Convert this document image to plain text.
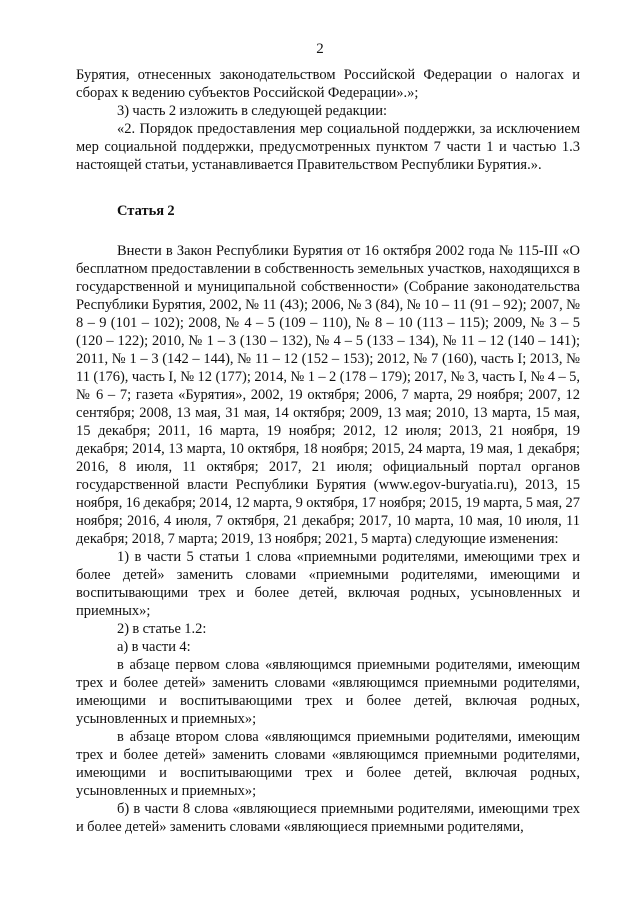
2

Бурятия, отнесенных законодательством Российской Федерации о налогах и сборах к ведению субъектов Российской Федерации».»;

3) часть 2 изложить в следующей редакции:

«2. Порядок предоставления мер социальной поддержки, за исключением мер социальной поддержки, предусмотренных пунктом 7 части 1 и частью 1.3 настоящей статьи, устанавливается Правительством Республики Бурятия.».

Статья 2

Внести в Закон Республики Бурятия от 16 октября 2002 года № 115-III «О бесплатном предоставлении в собственность земельных участков, находящихся в государственной и муниципальной собственности» (Собрание законодательства Республики Бурятия, 2002, № 11 (43); 2006, № 3 (84), № 10 – 11 (91 – 92); 2007, № 8 – 9 (101 – 102); 2008, № 4 – 5 (109 – 110), № 8 – 10 (113 – 115); 2009, № 3 – 5 (120 – 122); 2010, № 1 – 3 (130 – 132), № 4 – 5 (133 – 134), № 11 – 12 (140 – 141); 2011, № 1 – 3 (142 – 144), № 11 – 12 (152 – 153); 2012, № 7 (160), часть I; 2013, № 11 (176), часть I, № 12 (177); 2014, № 1 – 2 (178 – 179); 2017, № 3, часть I, № 4 – 5, № 6 – 7; газета «Бурятия», 2002, 19 октября; 2006, 7 марта, 29 ноября; 2007, 12 сентября; 2008, 13 мая, 31 мая, 14 октября; 2009, 13 мая; 2010, 13 марта, 15 мая, 15 декабря; 2011, 16 марта, 19 ноября; 2012, 12 июля; 2013, 21 ноября, 19 декабря; 2014, 13 марта, 10 октября, 18 ноября; 2015, 24 марта, 19 мая, 1 декабря; 2016, 8 июля, 11 октября; 2017, 21 июля; официальный портал органов государственной власти Республики Бурятия (www.egov-buryatia.ru), 2013, 15 ноября, 16 декабря; 2014, 12 марта, 9 октября, 17 ноября; 2015, 19 марта, 5 мая, 27 ноября; 2016, 4 июля, 7 октября, 21 декабря; 2017, 10 марта, 10 мая, 10 июля, 11 декабря; 2018, 7 марта; 2019, 13 ноября; 2021, 5 марта) следующие изменения:

1) в части 5 статьи 1 слова «приемными родителями, имеющими трех и более детей» заменить словами «приемными родителями, имеющими и воспитывающими трех и более детей, включая родных, усыновленных и приемных»;

2) в статье 1.2:

а) в части 4:

в абзаце первом слова «являющимся приемными родителями, имеющим трех и более детей» заменить словами «являющимся приемными родителями, имеющими и воспитывающими трех и более детей, включая родных, усыновленных и приемных»;

в абзаце втором слова «являющимся приемными родителями, имеющим трех и более детей» заменить словами «являющимся приемными родителями, имеющими и воспитывающими трех и более детей, включая родных, усыновленных и приемных»;

б) в части 8 слова «являющиеся приемными родителями, имеющими трех и более детей» заменить словами «являющиеся приемными родителями,
